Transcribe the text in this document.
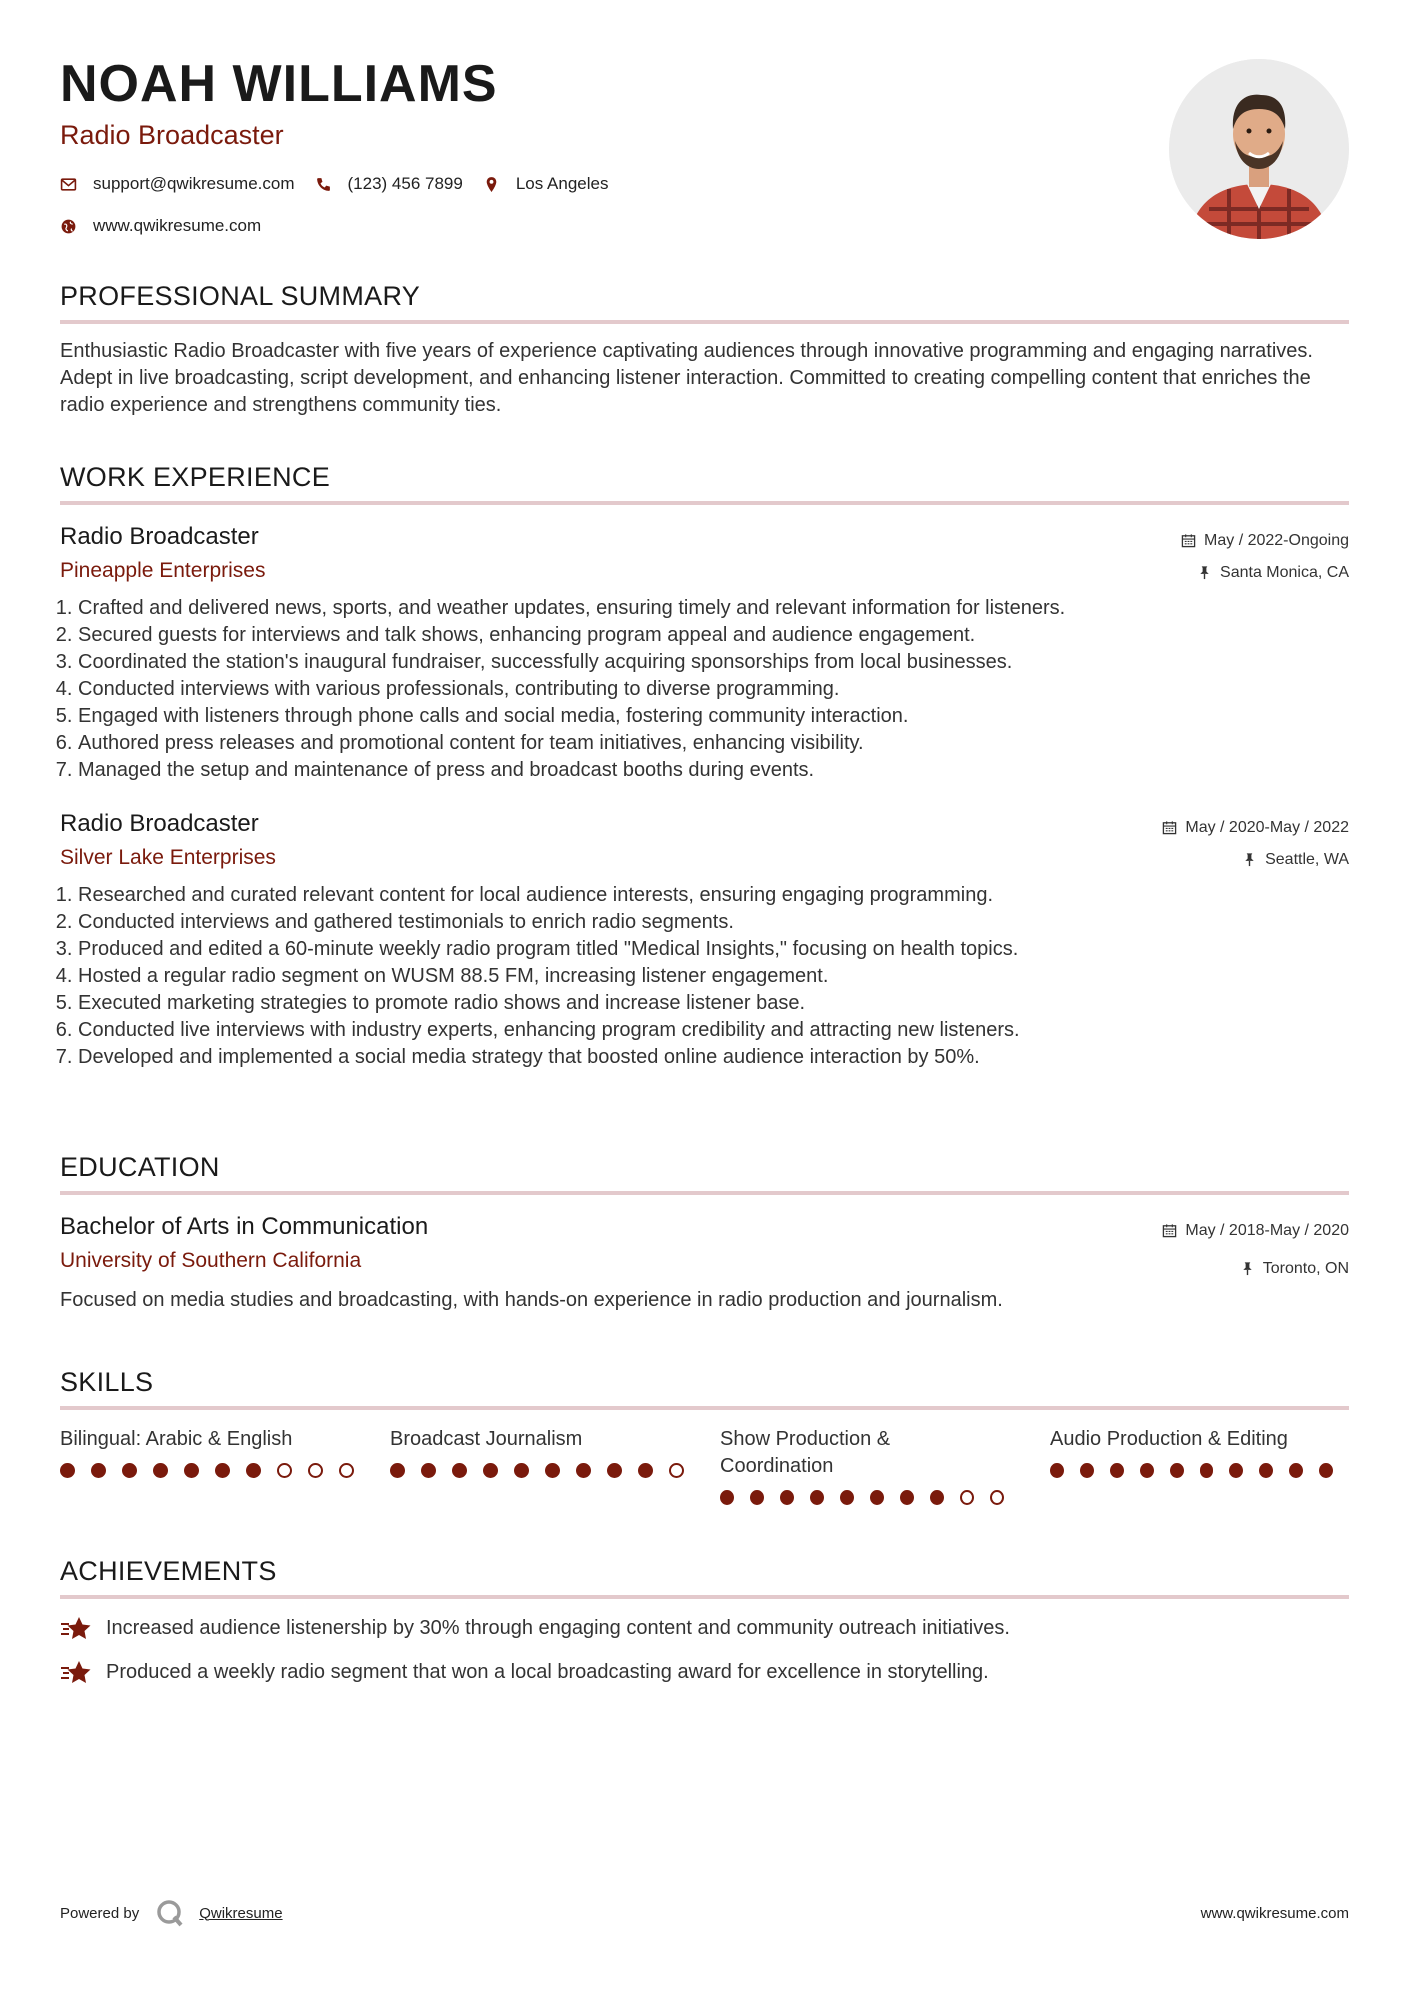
NOAH WILLIAMS
Radio Broadcaster
support@qwikresume.com	(123) 456 7899	Los Angeles
www.qwikresume.com
PROFESSIONAL SUMMARY
Enthusiastic Radio Broadcaster with five years of experience captivating audiences through innovative programming and engaging narratives. Adept in live broadcasting, script development, and enhancing listener interaction. Committed to creating compelling content that enriches the radio experience and strengthens community ties.
WORK EXPERIENCE
Radio Broadcaster
Pineapple Enterprises
May / 2022-Ongoing
Santa Monica, CA
1. Crafted and delivered news, sports, and weather updates, ensuring timely and relevant information for listeners.
2. Secured guests for interviews and talk shows, enhancing program appeal and audience engagement.
3. Coordinated the station's inaugural fundraiser, successfully acquiring sponsorships from local businesses.
4. Conducted interviews with various professionals, contributing to diverse programming.
5. Engaged with listeners through phone calls and social media, fostering community interaction.
6. Authored press releases and promotional content for team initiatives, enhancing visibility.
7. Managed the setup and maintenance of press and broadcast booths during events.
Radio Broadcaster
Silver Lake Enterprises
May / 2020-May / 2022
Seattle, WA
1. Researched and curated relevant content for local audience interests, ensuring engaging programming.
2. Conducted interviews and gathered testimonials to enrich radio segments.
3. Produced and edited a 60-minute weekly radio program titled "Medical Insights," focusing on health topics.
4. Hosted a regular radio segment on WUSM 88.5 FM, increasing listener engagement.
5. Executed marketing strategies to promote radio shows and increase listener base.
6. Conducted live interviews with industry experts, enhancing program credibility and attracting new listeners.
7. Developed and implemented a social media strategy that boosted online audience interaction by 50%.
EDUCATION
Bachelor of Arts in Communication
University of Southern California
May / 2018-May / 2020
Toronto, ON
Focused on media studies and broadcasting, with hands-on experience in radio production and journalism.
SKILLS
Bilingual: Arabic & English	Broadcast Journalism	Show Production & Coordination
Audio Production & Editing
ACHIEVEMENTS
Increased audience listenership by 30% through engaging content and community outreach initiatives.
Produced a weekly radio segment that won a local broadcasting award for excellence in storytelling.
Powered by	Qwikresume	www.qwikresume.com
